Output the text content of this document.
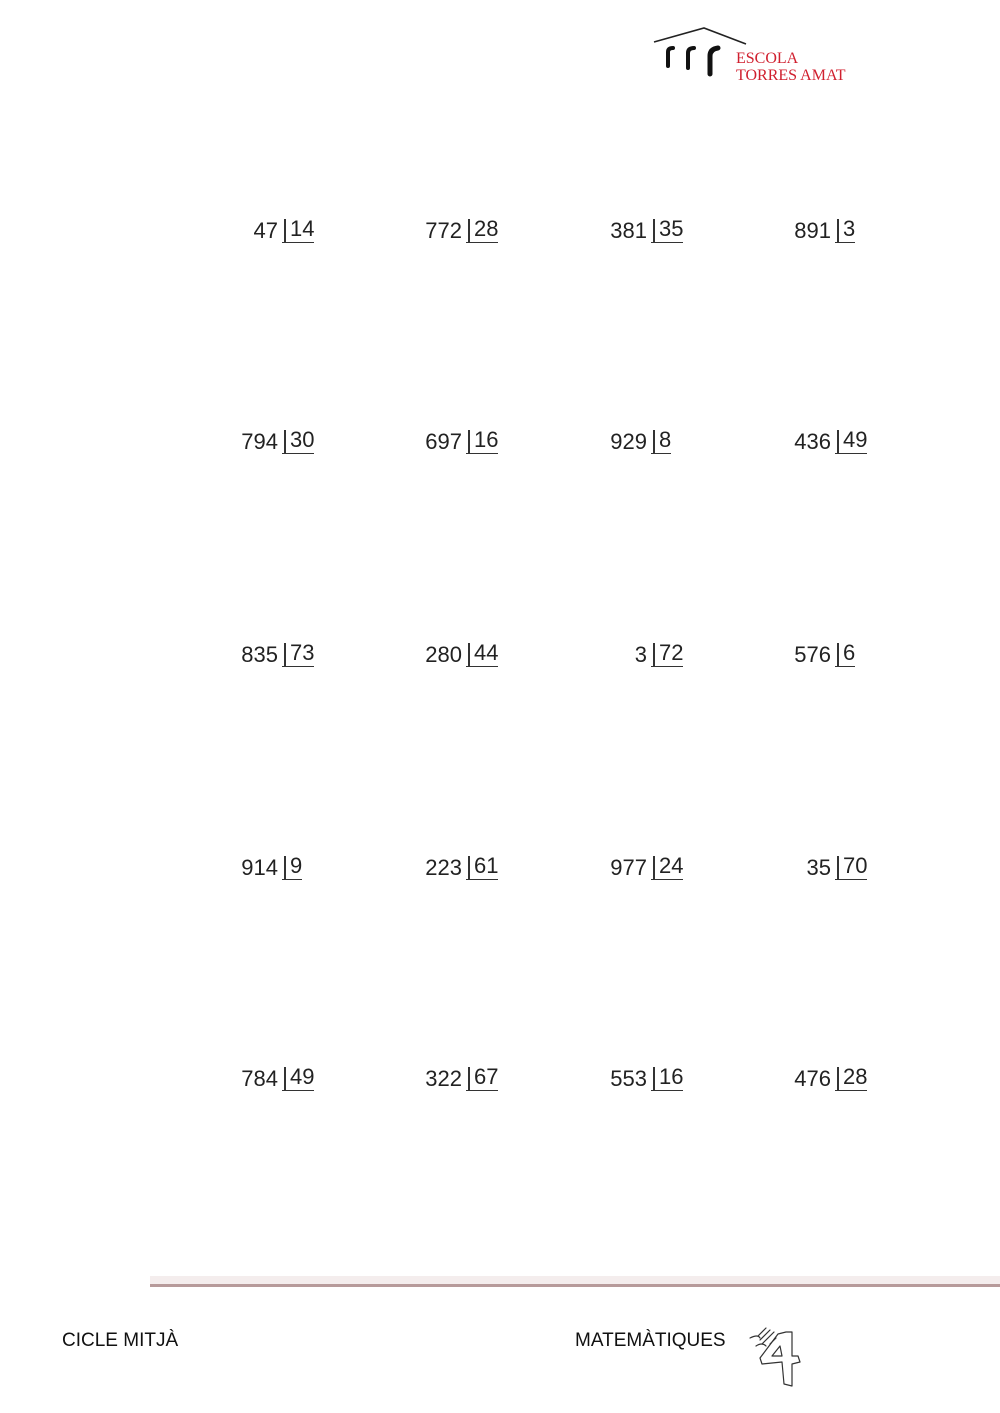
ESCOLA
TORRES AMAT
47 14	772 28	381 35	891 3
794 30	697 16	929 8	436 49
835 73	280 44	3 72	576 6
914 9	223 61	977 24	35 70
784 49	322 67	553 16	476 28
CICLE MITJÀ	MATEMÀTIQUES
